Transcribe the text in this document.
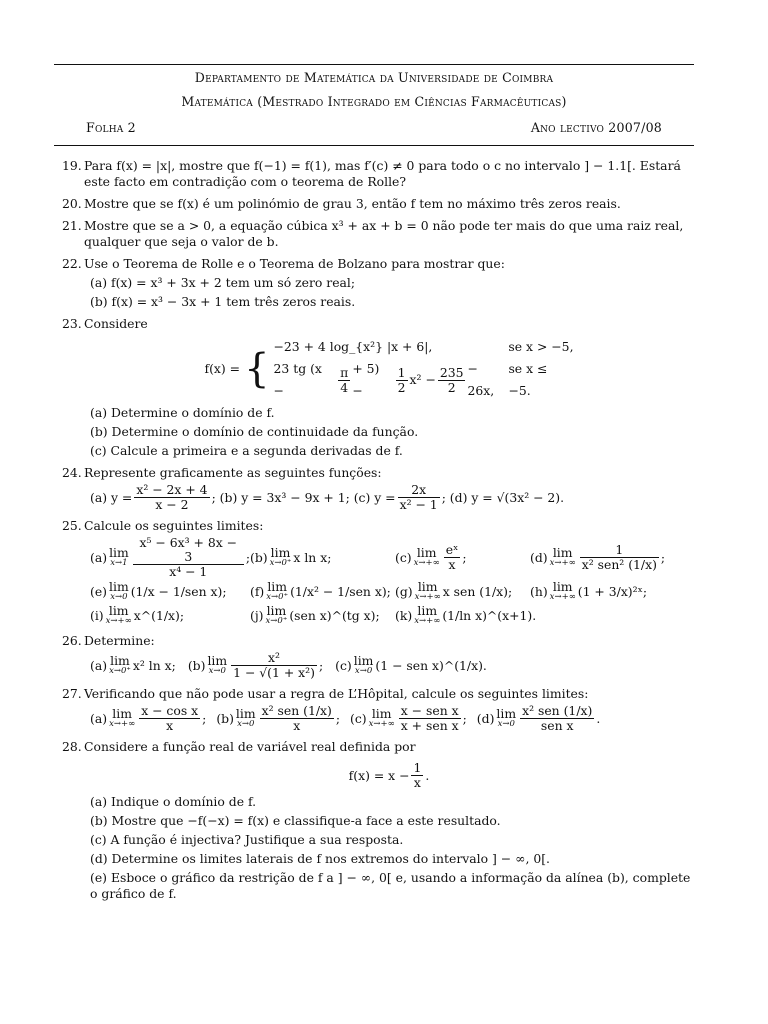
Departamento de Matemática da Universidade de Coimbra
Matemática (Mestrado Integrado em Ciências Farmacêuticas)
Folha 2	Ano lectivo 2007/08
19. Para f(x) = |x|, mostre que f(−1) = f(1), mas f′(c) ≠ 0 para todo o c no intervalo ] − 1.1[. Estará este facto em contradição com o teorema de Rolle?
20. Mostre que se f(x) é um polinómio de grau 3, então f tem no máximo três zeros reais.
21. Mostre que se a > 0, a equação cúbica x³ + ax + b = 0 não pode ter mais do que uma raiz real, qualquer que seja o valor de b.
22. Use o Teorema de Rolle e o Teorema de Bolzano para mostrar que:
(a) f(x) = x³ + 3x + 2 tem um só zero real;
(b) f(x) = x³ − 3x + 1 tem três zeros reais.
23. Considere
f(x) = { −23 + 4 log_{x²} |x + 6|,	se x > −5,
23 tg (x −	$\frac{\pi}{4} + 5$) −	$\frac{1}{2} x^2 - \frac{235}{2} - 26x$,
se x ≤ −5.
(a) Determine o domínio de f.
(b) Determine o domínio de continuidade da função.
(c) Calcule a primeira e a segunda derivadas de f.
24. Represente graficamente as seguintes funções:
(a) $y = \frac{\text{x² − 2x + 4}}{x - 2}$ ; (b) y = 3x³ − 9x + 1; (c) $y = \frac{2x}{\text{x² − 1}}$ ; (d) y = √(3x² − 2).
25. Calcule os seguintes limites:
(a) lim
$x\to 1 \frac{\text{x⁵ − 6x³ + 8x − 3}}{\text{x⁴ − 1}}$ ; (b) lim
x→0⁺ x ln x;	(c) lim
$x\to+\infty \frac{\text{eˣ}}{x}$ ;	(d) lim
$x\to+\infty \frac{1}{\text{x² sen² (1/x)}}$ ;
(e) lim
x→0 (1/x − 1/sen x); (f) lim
x→0⁺ (1/x² − 1/sen x); (g) lim
x→+∞ x sen (1/x); (h) lim
x→+∞ (1 + 3/x)²ˣ;
(i) lim
x→+∞ x^(1/x);	(j) lim
x→0⁺ (sen x)^(tg x); (k) lim
x→+∞ (1/ln x)^(x+1).
26. Determine:
(a) lim
x→0⁺ x² ln x; (b) lim
$x\to 0 \frac{\text{x²}}{\text{1 − √(1 + x²)}}$ ; (c) lim
x→0 (1 − sen x)^(1/x).
27. Verificando que não pode usar a regra de L’Hôpital, calcule os seguintes limites:
(a) lim
$x\to+\infty \frac{\text{x − cos x}}{x}$ ; (b) lim
$x\to 0 \frac{\text{x² sen (1/x)}}{x}$ ; (c) lim
$x\to+\infty \frac{\text{x − sen x}}{\text{x + sen x}}$ ; (d) lim
$x\to 0 \frac{\text{x² sen (1/x)}}{\text{sen x}}$ .
28. Considere a função real de variável real definida por
$f(x) = x - \frac{1}{x}$ .
(a) Indique o domínio de f.
(b) Mostre que −f(−x) = f(x) e classifique-a face a este resultado.
(c) A função é injectiva? Justifique a sua resposta.
(d) Determine os limites laterais de f nos extremos do intervalo ] − ∞, 0[.
(e) Esboce o gráfico da restrição de f a ] − ∞, 0[ e, usando a informação da alínea (b), complete o gráfico de f.
